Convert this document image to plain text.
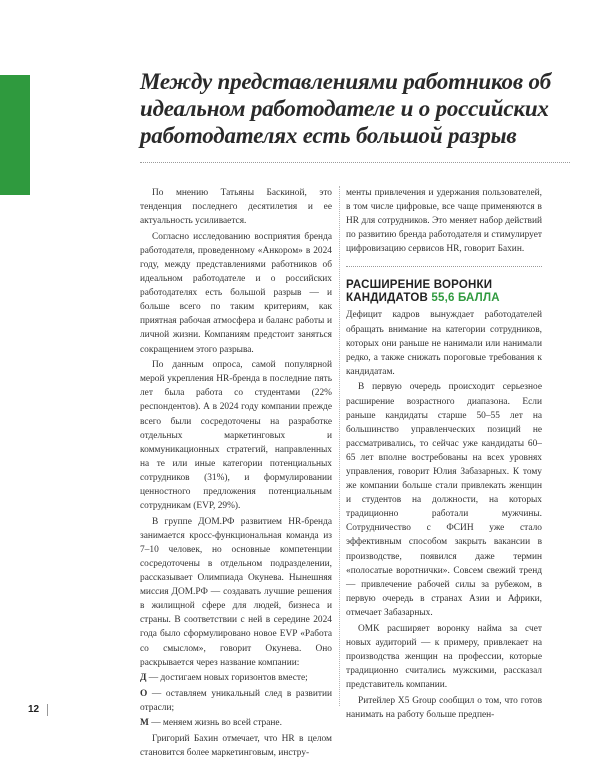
Между представлениями работников об идеальном работодателе и о российских работодателях есть большой разрыв

По мнению Татьяны Баскиной, это тенденция последнего десятилетия и ее актуальность усиливается.

Согласно исследованию восприятия бренда работодателя, проведенному «Анкором» в 2024 году, между представлениями работников об идеальном работодателе и о российских работодателях есть большой разрыв — и больше всего по таким критериям, как приятная рабочая атмосфера и баланс работы и личной жизни. Компаниям предстоит заняться сокращением этого разрыва.

По данным опроса, самой популярной мерой укрепления HR-бренда в последние пять лет была работа со студентами (22% респондентов). А в 2024 году компании прежде всего были сосредоточены на разработке отдельных маркетинговых и коммуникационных стратегий, направленных на те или иные категории потенциальных сотрудников (31%), и формулировании ценностного предложения потенциальным сотрудникам (EVP, 29%).

В группе ДОМ.РФ развитием HR-бренда занимается кросс-функциональная команда из 7–10 человек, но основные компетенции сосредоточены в отдельном подразделении, рассказывает Олимпиада Окунева. Нынешняя миссия ДОМ.РФ — создавать лучшие решения в жилищной сфере для людей, бизнеса и страны. В соответствии с ней в середине 2024 года было сформулировано новое EVP «Работа со смыслом», говорит Окунева. Оно раскрывается через название компании:

Д — достигаем новых горизонтов вместе;

О — оставляем уникальный след в развитии отрасли;

М — меняем жизнь во всей стране.

Григорий Бахин отмечает, что HR в целом становится более маркетинговым, инстру-

менты привлечения и удержания пользователей, в том числе цифровые, все чаще применяются в HR для сотрудников. Это меняет набор действий по развитию бренда работодателя и стимулирует цифровизацию сервисов HR, говорит Бахин.

РАСШИРЕНИЕ ВОРОНКИ
КАНДИДАТОВ 55,6 БАЛЛА

Дефицит кадров вынуждает работодателей обращать внимание на категории сотрудников, которых они раньше не нанимали или нанимали редко, а также снижать пороговые требования к кандидатам.

В первую очередь происходит серьезное расширение возрастного диапазона. Если раньше кандидаты старше 50–55 лет на большинство управленческих позиций не рассматривались, то сейчас уже кандидаты 60–65 лет вполне востребованы на всех уровнях управления, говорит Юлия Забазарных. К тому же компании больше стали привлекать женщин и студентов на должности, на которых традиционно работали мужчины. Сотрудничество с ФСИН уже стало эффективным способом закрыть вакансии в производстве, появился даже термин «полосатые воротнички». Совсем свежий тренд — привлечение рабочей силы за рубежом, в первую очередь в странах Азии и Африки, отмечает Забазарных.

ОМК расширяет воронку найма за счет новых аудиторий — к примеру, привлекает на производства женщин на профессии, которые традиционно считались мужскими, рассказал представитель компании.

Ритейлер X5 Group сообщил о том, что готов нанимать на работу больше предпен-

12
